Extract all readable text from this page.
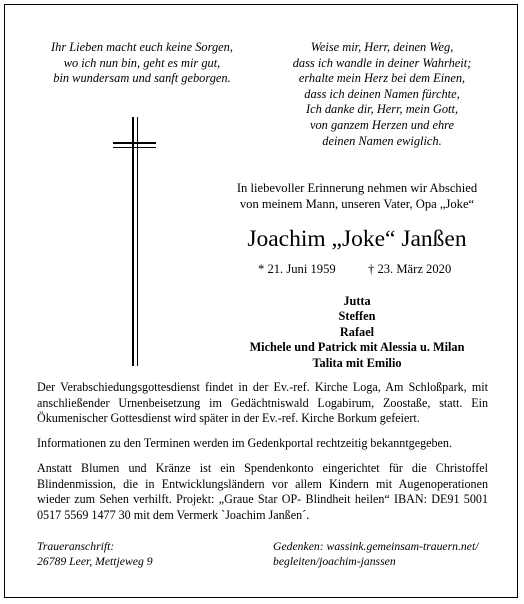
Ihr Lieben macht euch keine Sorgen,
wo ich nun bin, geht es mir gut,
bin wundersam und sanft geborgen.
Weise mir, Herr, deinen Weg,
dass ich wandle in deiner Wahrheit;
erhalte mein Herz bei dem Einen,
dass ich deinen Namen fürchte,
Ich danke dir, Herr, mein Gott,
von ganzem Herzen und ehre
deinen Namen ewiglich.
In liebevoller Erinnerung nehmen wir Abschied
von meinem Mann, unseren Vater, Opa „Joke“
Joachim „Joke“ Janßen
* 21. Juni 1959	† 23. März 2020
Jutta
Steffen
Rafael
Michele und Patrick mit Alessia u. Milan
Talita mit Emilio
Der Verabschiedungsgottesdienst findet in der Ev.-ref. Kirche Loga, Am Schloßpark, mit anschließender Urnenbeisetzung im Gedächtniswald Logabirum, Zoostaße, statt. Ein Ökumenischer Gottesdienst wird später in der Ev.-ref. Kirche Borkum gefeiert.
Informationen zu den Terminen werden im Gedenkportal rechtzeitig bekanntgegeben.
Anstatt Blumen und Kränze ist ein Spendenkonto eingerichtet für die Christoffel Blindenmission, die in Entwicklungsländern vor allem Kindern mit Augenoperationen wieder zum Sehen verhilft. Projekt: „Graue Star OP- Blindheit heilen“ IBAN: DE91 5001 0517 5569 1477 30 mit dem Vermerk `Joachim Janßen´.
Traueranschrift:
26789 Leer, Mettjeweg 9
Gedenken: wassink.gemeinsam-trauern.net/
begleiten/joachim-janssen
